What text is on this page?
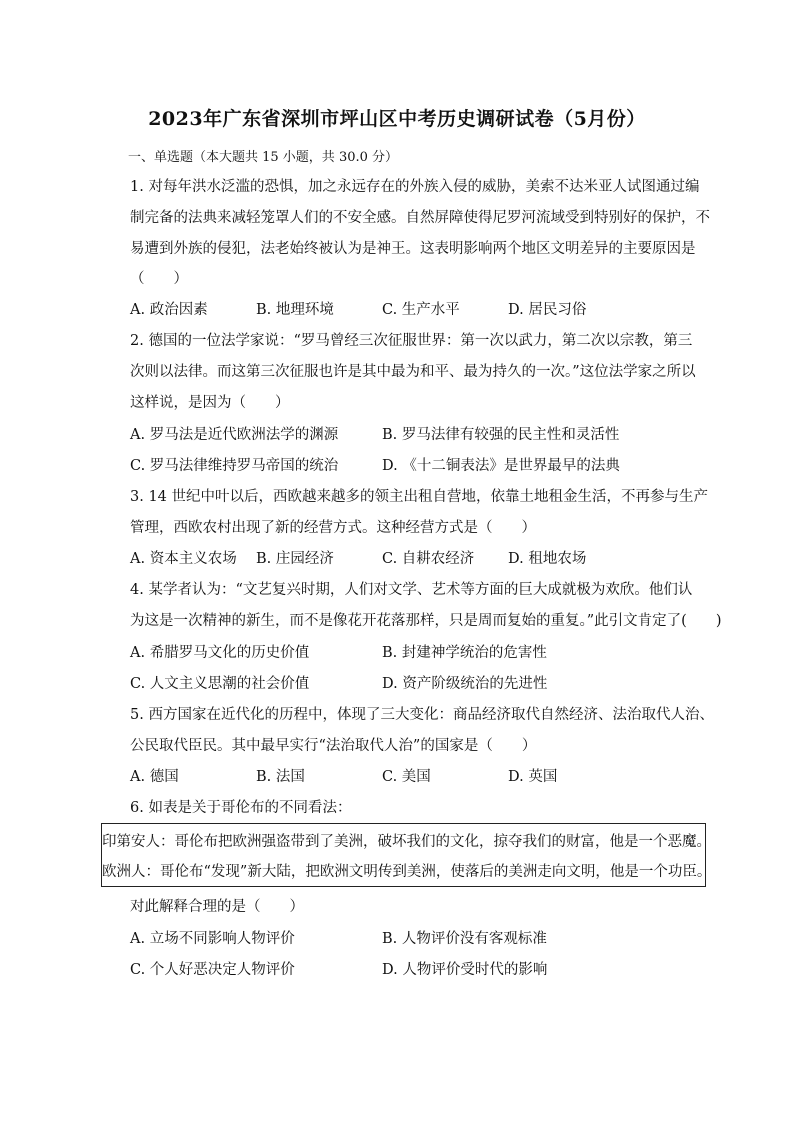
2023年广东省深圳市坪山区中考历史调研试卷（5月份）
一、单选题（本大题共 15 小题，共 30.0 分）
1. 对每年洪水泛滥的恐惧，加之永远存在的外族入侵的威胁，美索不达米亚人试图通过编
制完备的法典来减轻笼罩人们的不安全感。自然屏障使得尼罗河流域受到特别好的保护，不
易遭到外族的侵犯，法老始终被认为是神王。这表明影响两个地区文明差异的主要原因是
（　　）
A. 政治因素	B. 地理环境	C. 生产水平	D. 居民习俗
2. 德国的一位法学家说：“罗马曾经三次征服世界：第一次以武力，第二次以宗教，第三
次则以法律。而这第三次征服也许是其中最为和平、最为持久的一次。”这位法学家之所以
这样说，是因为（　　）
A. 罗马法是近代欧洲法学的渊源	B. 罗马法律有较强的民主性和灵活性
C. 罗马法律维持罗马帝国的统治	D. 《十二铜表法》是世界最早的法典
3. 14 世纪中叶以后，西欧越来越多的领主出租自营地，依靠土地租金生活，不再参与生产
管理，西欧农村出现了新的经营方式。这种经营方式是（　　）
A. 资本主义农场 B. 庄园经济	C. 自耕农经济 D. 租地农场
4. 某学者认为：“文艺复兴时期，人们对文学、艺术等方面的巨大成就极为欢欣。他们认
为这是一次精神的新生，而不是像花开花落那样，只是周而复始的重复。”此引文肯定了(　　)
A. 希腊罗马文化的历史价值	B. 封建神学统治的危害性
C. 人文主义思潮的社会价值	D. 资产阶级统治的先进性
5. 西方国家在近代化的历程中，体现了三大变化：商品经济取代自然经济、法治取代人治、
公民取代臣民。其中最早实行“法治取代人治”的国家是（　　）
A. 德国	B. 法国	C. 美国	D. 英国
6. 如表是关于哥伦布的不同看法：
印第安人：哥伦布把欧洲强盗带到了美洲，破坏我们的文化，掠夺我们的财富，他是一个恶魔。
欧洲人：哥伦布“发现”新大陆，把欧洲文明传到美洲，使落后的美洲走向文明，他是一个功臣。
对此解释合理的是（　　）
A. 立场不同影响人物评价	B. 人物评价没有客观标准
C. 个人好恶决定人物评价	D. 人物评价受时代的影响
